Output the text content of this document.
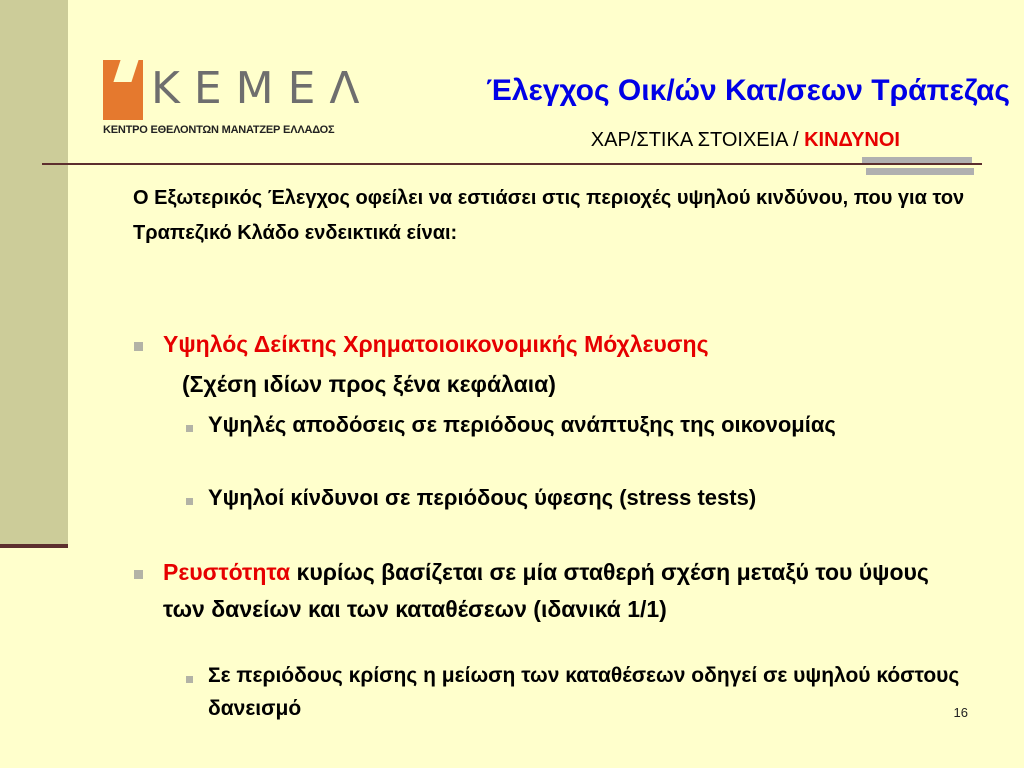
ΚΕΜΕΛ
ΚΕΝΤΡΟ ΕΘΕΛΟΝΤΩΝ ΜΑΝΑΤΖΕΡ ΕΛΛΑΔΟΣ
Έλεγχος Οικ/ών Κατ/σεων Τράπεζας
ΧΑΡ/ΣΤΙΚΑ ΣΤΟΙΧΕΙΑ / ΚΙΝΔΥΝΟΙ
Ο Εξωτερικός Έλεγχος οφείλει να εστιάσει στις περιοχές υψηλού κινδύνου, που για τον Τραπεζικό Κλάδο ενδεικτικά είναι:
Υψηλός Δείκτης Χρηματοιοικονομικής Μόχλευσης
(Σχέση ιδίων προς ξένα κεφάλαια)
Υψηλές αποδόσεις σε περιόδους ανάπτυξης της οικονομίας
Υψηλοί κίνδυνοι σε περιόδους ύφεσης (stress tests)
Ρευστότητα κυρίως βασίζεται σε μία σταθερή σχέση μεταξύ του ύψους των δανείων και των καταθέσεων (ιδανικά 1/1)
Σε περιόδους κρίσης η μείωση των καταθέσεων οδηγεί σε υψηλού κόστους δανεισμό	16
